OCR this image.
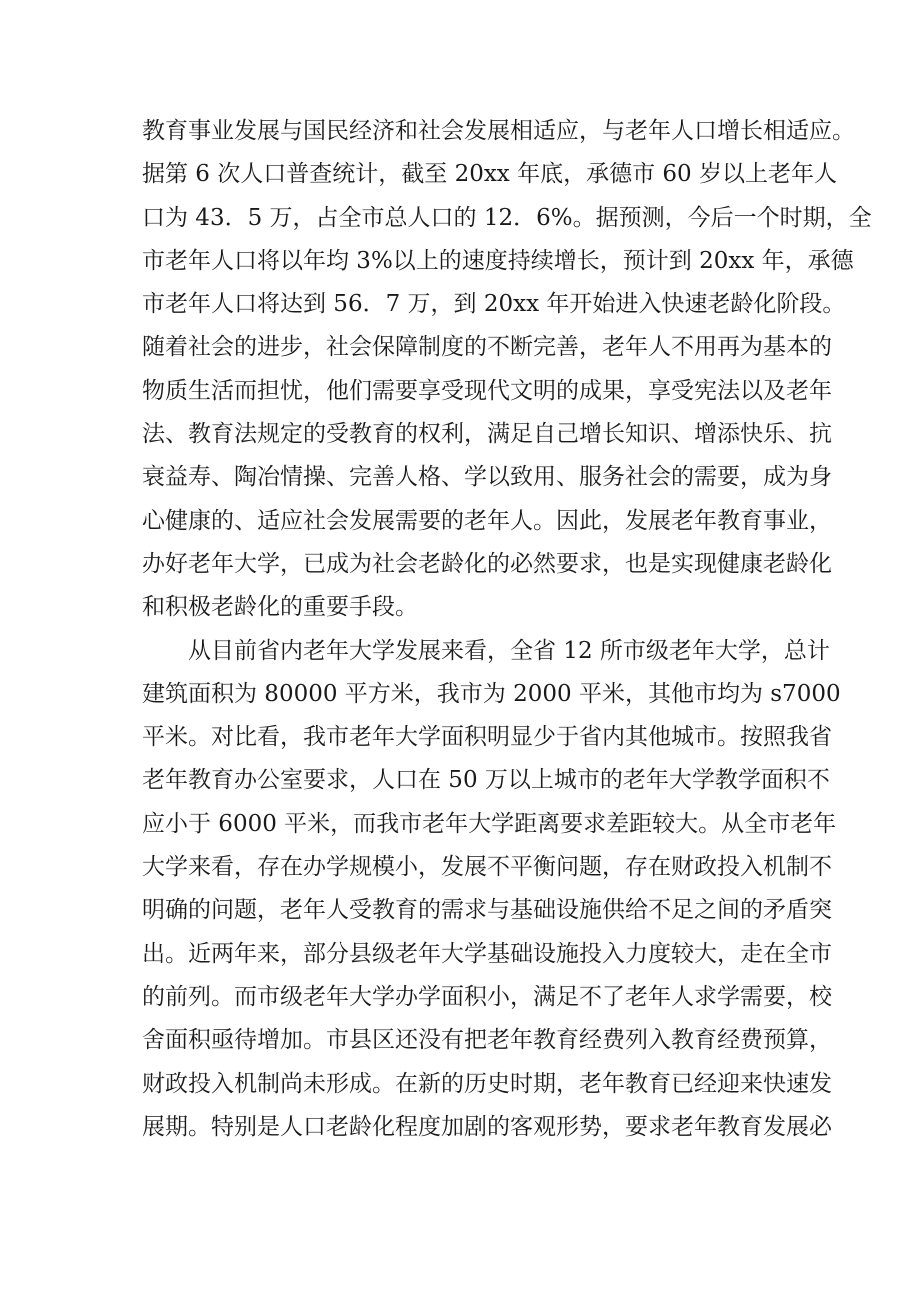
教育事业发展与国民经济和社会发展相适应，与老年人口增长相适应。
据第 6 次人口普查统计，截至 20xx 年底，承德市 60 岁以上老年人
口为 43．5 万，占全市总人口的 12．6%。据预测，今后一个时期，全
市老年人口将以年均 3%以上的速度持续增长，预计到 20xx 年，承德
市老年人口将达到 56．7 万，到 20xx 年开始进入快速老龄化阶段。
随着社会的进步，社会保障制度的不断完善，老年人不用再为基本的
物质生活而担忧，他们需要享受现代文明的成果，享受宪法以及老年
法、教育法规定的受教育的权利，满足自己增长知识、增添快乐、抗
衰益寿、陶冶情操、完善人格、学以致用、服务社会的需要，成为身
心健康的、适应社会发展需要的老年人。因此，发展老年教育事业，
办好老年大学，已成为社会老龄化的必然要求，也是实现健康老龄化
和积极老龄化的重要手段。
从目前省内老年大学发展来看，全省 12 所市级老年大学，总计
建筑面积为 80000 平方米，我市为 2000 平米，其他市均为 s7000
平米。对比看，我市老年大学面积明显少于省内其他城市。按照我省
老年教育办公室要求，人口在 50 万以上城市的老年大学教学面积不
应小于 6000 平米，而我市老年大学距离要求差距较大。从全市老年
大学来看，存在办学规模小，发展不平衡问题，存在财政投入机制不
明确的问题，老年人受教育的需求与基础设施供给不足之间的矛盾突
出。近两年来，部分县级老年大学基础设施投入力度较大，走在全市
的前列。而市级老年大学办学面积小，满足不了老年人求学需要，校
舍面积亟待增加。市县区还没有把老年教育经费列入教育经费预算，
财政投入机制尚未形成。在新的历史时期，老年教育已经迎来快速发
展期。特别是人口老龄化程度加剧的客观形势，要求老年教育发展必
